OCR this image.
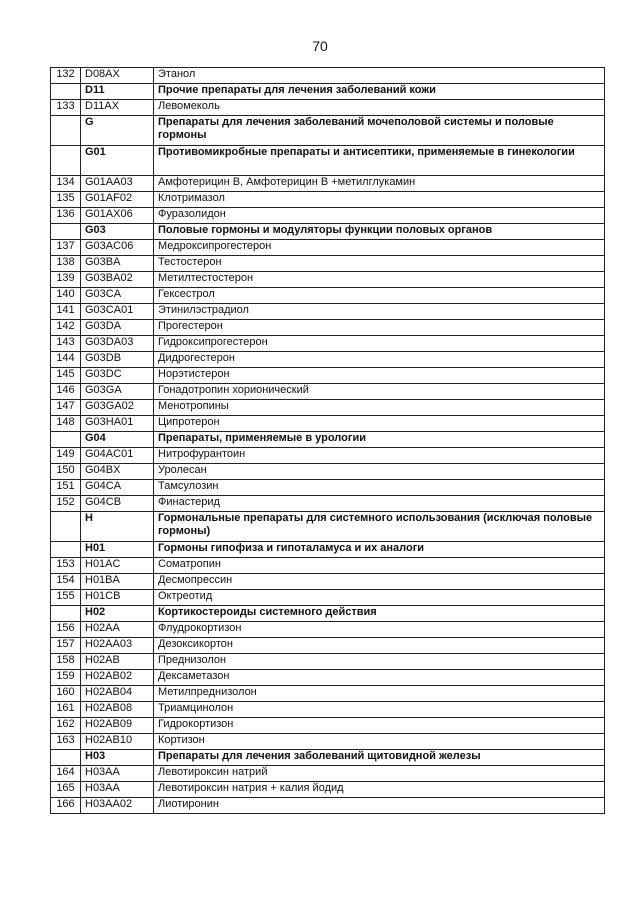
70
132	D08AX	Этанол
	D11	Прочие препараты для лечения заболеваний кожи
133	D11AX	Левомеколь
	G	Препараты для лечения заболеваний мочеполовой системы и половые гормоны
	G01	Противомикробные препараты и антисептики, применяемые в гинекологии
134	G01AA03	Амфотерицин В, Амфотерицин В +метилглукамин
135	G01AF02	Клотримазол
136	G01AX06	Фуразолидон
	G03	Половые гормоны и модуляторы функции половых органов
137	G03AC06	Медроксипрогестерон
138	G03BA	Тестостерон
139	G03BA02	Метилтестостерон
140	G03CA	Гексестрол
141	G03CA01	Этинилэстрадиол
142	G03DA	Прогестерон
143	G03DA03	Гидроксипрогестерон
144	G03DB	Дидрогестерон
145	G03DC	Норэтистерон
146	G03GA	Гонадотропин хорионический
147	G03GA02	Менотропины
148	G03HA01	Ципротерон
	G04	Препараты, применяемые в урологии
149	G04AC01	Нитрофурантоин
150	G04BX	Уролесан
151	G04CA	Тамсулозин
152	G04CB	Финастерид
	H	Гормональные препараты для системного использования (исключая половые гормоны)
	H01	Гормоны гипофиза и гипоталамуса и их аналоги
153	H01AC	Соматропин
154	H01BA	Десмопрессин
155	H01CB	Октреотид
	H02	Кортикостероиды системного действия
156	H02AA	Флудрокортизон
157	H02AA03	Дезоксикортон
158	H02AB	Преднизолон
159	H02AB02	Дексаметазон
160	H02AB04	Метилпреднизолон
161	H02AB08	Триамцинолон
162	H02AB09	Гидрокортизон
163	H02AB10	Кортизон
	H03	Препараты для лечения заболеваний щитовидной железы
164	H03AA	Левотироксин натрий
165	H03AA	Левотироксин натрия + калия йодид
166	H03AA02	Лиотиронин
